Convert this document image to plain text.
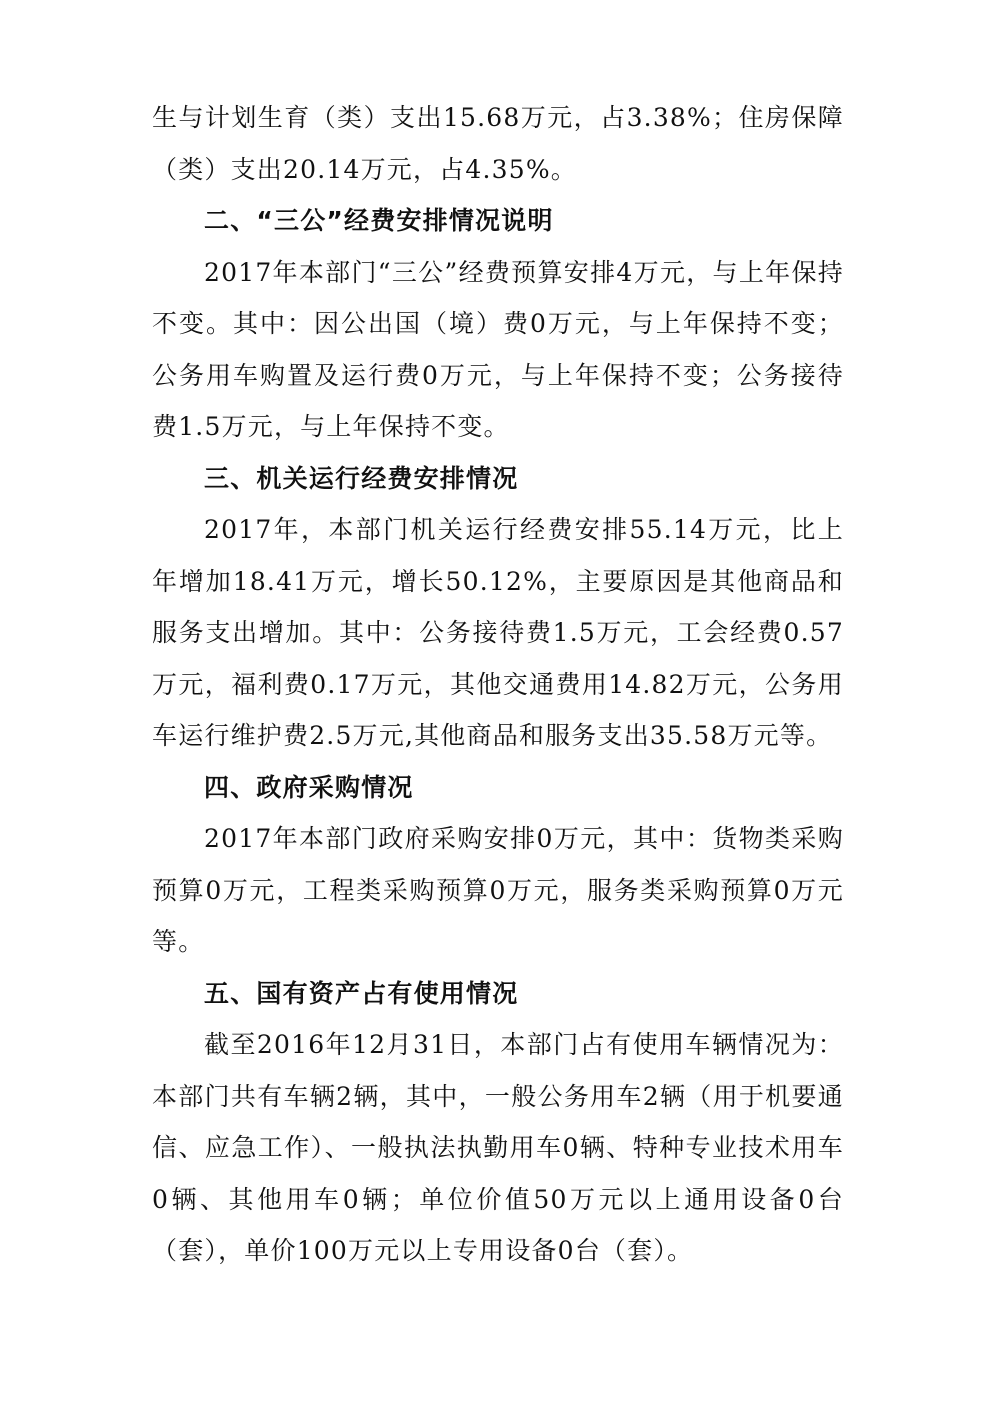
生与计划生育（类）支出15.68万元，占3.38%；住房保障（类）支出20.14万元，占4.35%。

二、“三公”经费安排情况说明

2017年本部门“三公”经费预算安排4万元，与上年保持不变。其中：因公出国（境）费0万元，与上年保持不变；公务用车购置及运行费0万元，与上年保持不变；公务接待费1.5万元，与上年保持不变。

三、机关运行经费安排情况

2017年，本部门机关运行经费安排55.14万元，比上年增加18.41万元，增长50.12%，主要原因是其他商品和服务支出增加。其中：公务接待费1.5万元，工会经费0.57万元，福利费0.17万元，其他交通费用14.82万元，公务用车运行维护费2.5万元,其他商品和服务支出35.58万元等。

四、政府采购情况

2017年本部门政府采购安排0万元，其中：货物类采购预算0万元，工程类采购预算0万元，服务类采购预算0万元等。

五、国有资产占有使用情况

截至2016年12月31日，本部门占有使用车辆情况为：本部门共有车辆2辆，其中，一般公务用车2辆（用于机要通信、应急工作）、一般执法执勤用车0辆、特种专业技术用车0辆、其他用车0辆；单位价值50万元以上通用设备0台（套），单价100万元以上专用设备0台（套）。
